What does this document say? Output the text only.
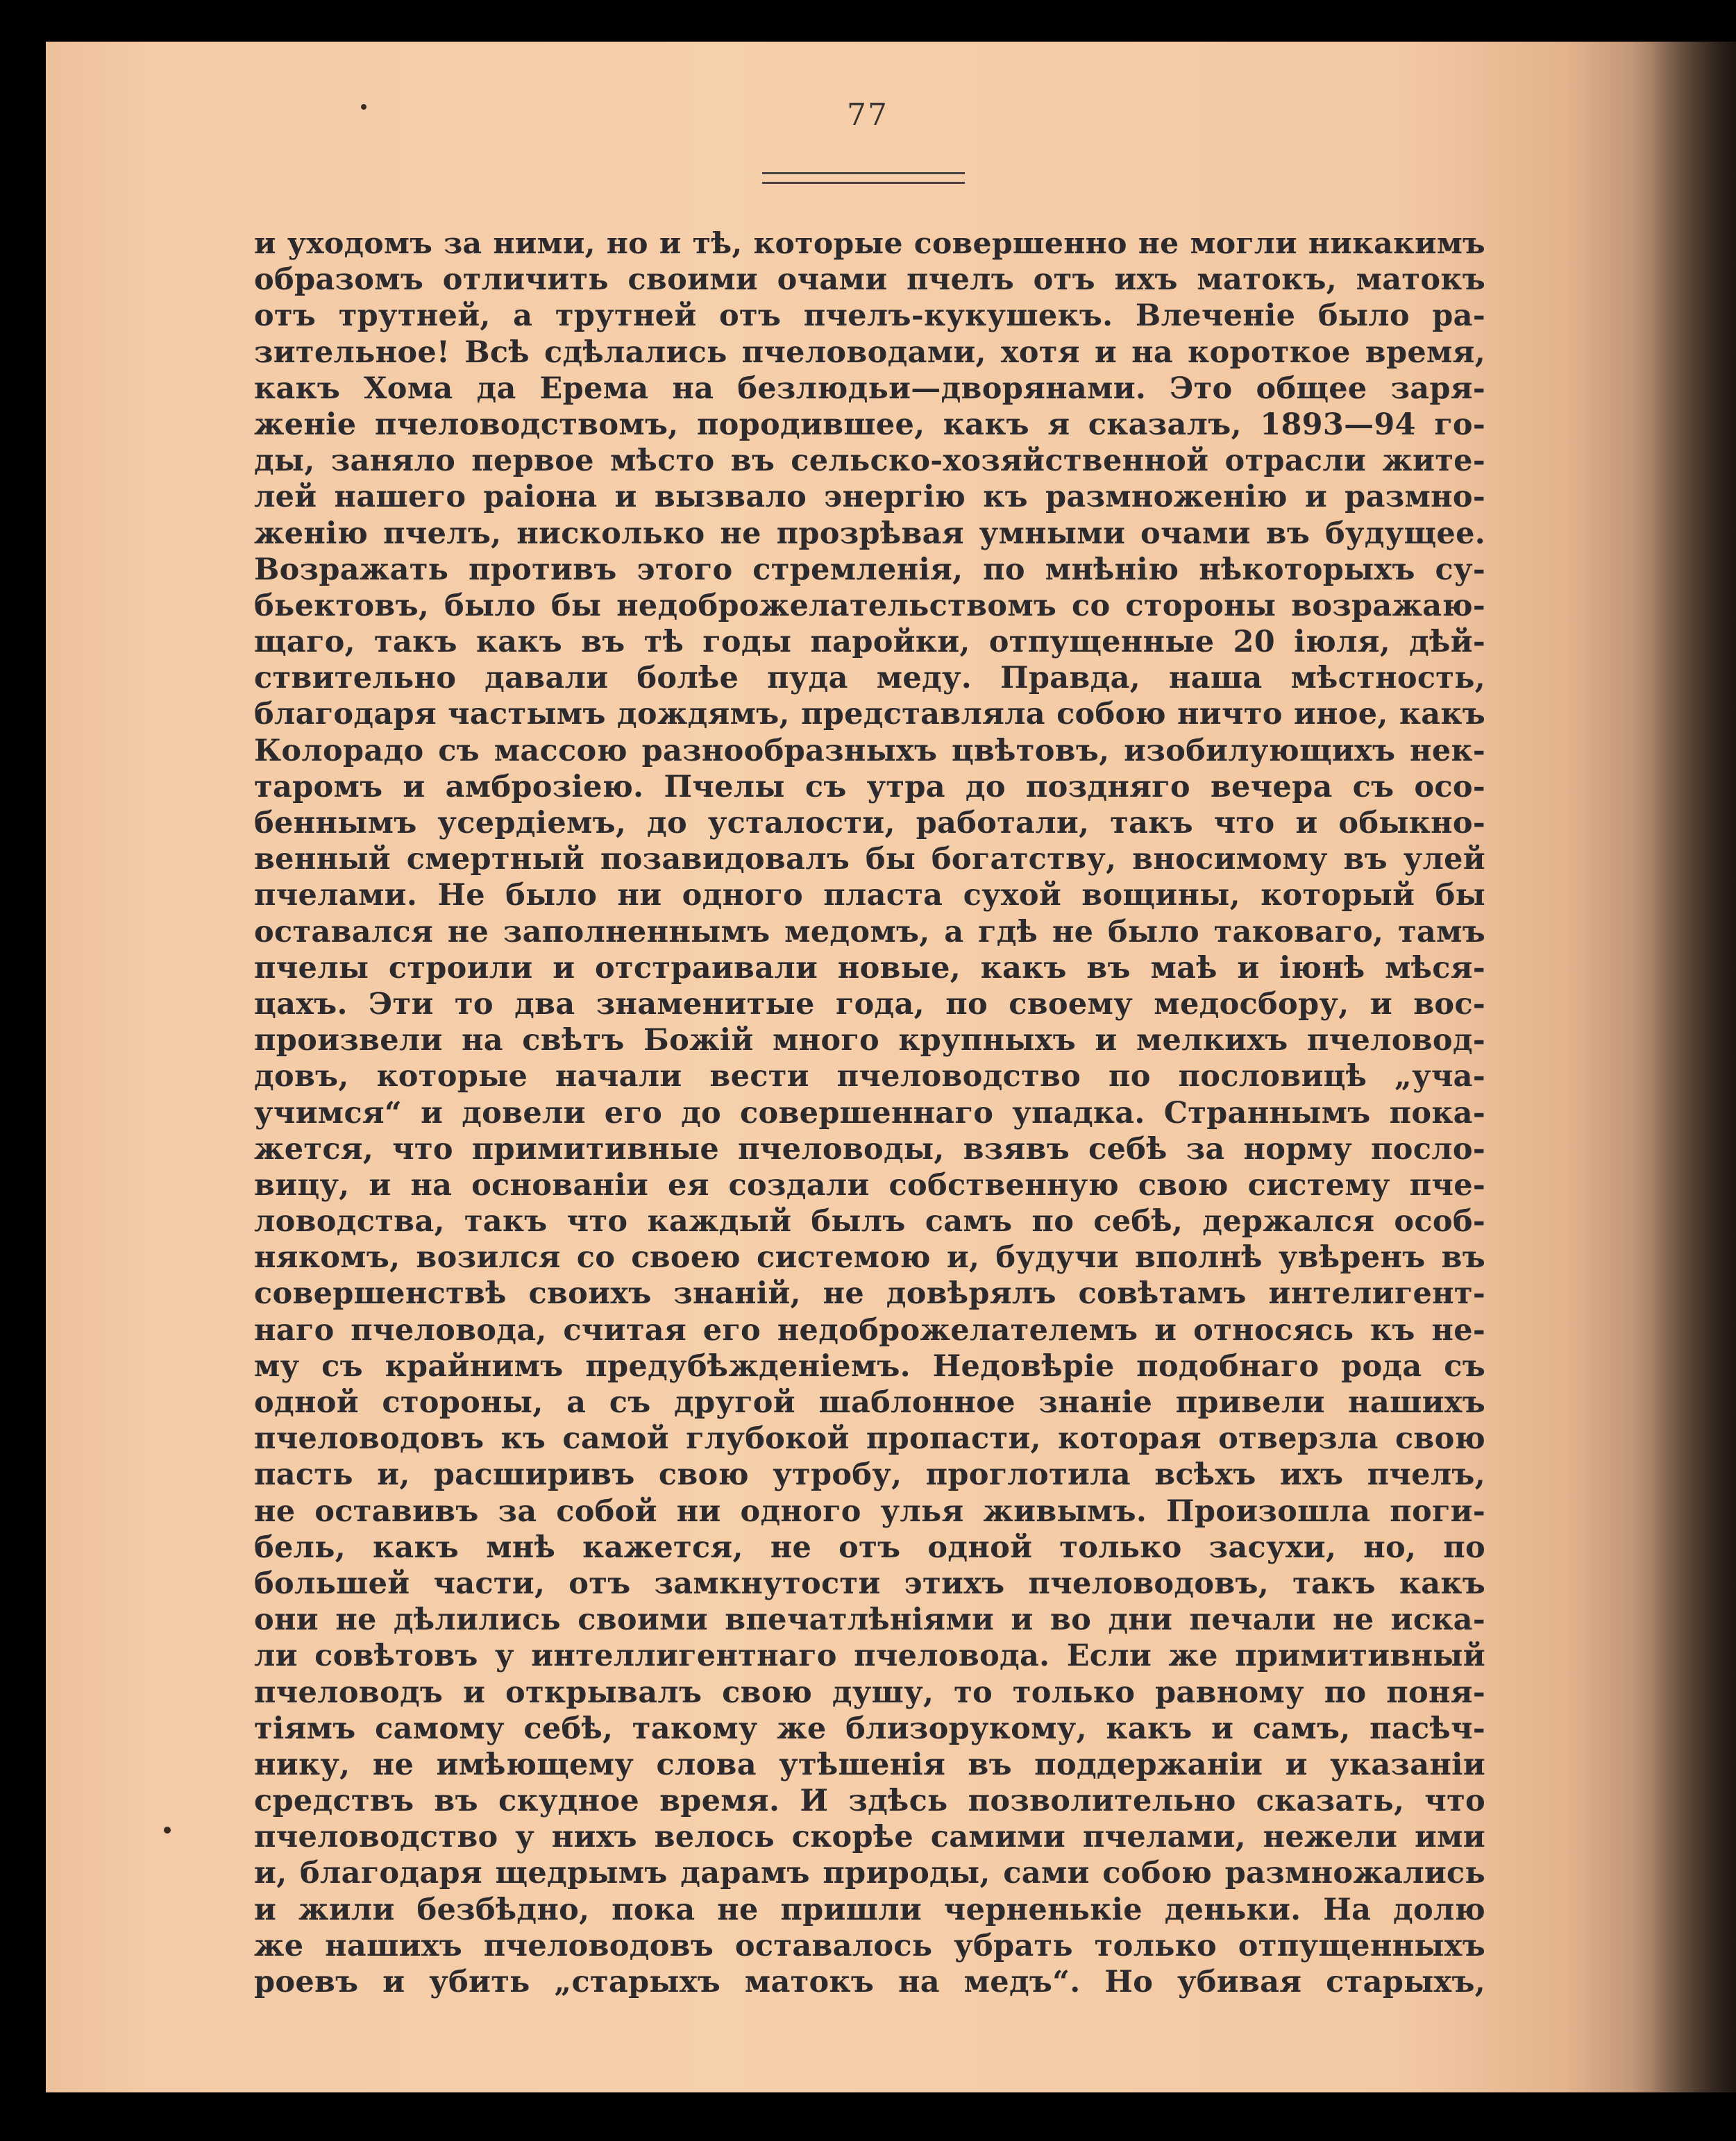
77
и уходомъ за ними, но и тѣ, которые совершенно не могли никакимъ
образомъ отличить своими очами пчелъ отъ ихъ матокъ, матокъ
отъ трутней, а трутней отъ пчелъ-кукушекъ. Влеченіе было ра-
зительное! Всѣ сдѣлались пчеловодами, хотя и на короткое время,
какъ Хома да Ерема на безлюдьи—дворянами. Это общее заря-
женіе пчеловодствомъ, породившее, какъ я сказалъ, 1893—94 го-
ды, заняло первое мѣсто въ сельско-хозяйственной отрасли жите-
лей нашего раіона и вызвало энергію къ размноженію и размно-
женію пчелъ, нисколько не прозрѣвая умными очами въ будущее.
Возражать противъ этого стремленія, по мнѣнію нѣкоторыхъ су-
бьектовъ, было бы недоброжелательствомъ со стороны возражаю-
щаго, такъ какъ въ тѣ годы паройки, отпущенные 20 іюля, дѣй-
ствительно давали болѣе пуда меду. Правда, наша мѣстность,
благодаря частымъ дождямъ, представляла собою ничто иное, какъ
Колорадо съ массою разнообразныхъ цвѣтовъ, изобилующихъ нек-
таромъ и амброзіею. Пчелы съ утра до поздняго вечера съ осо-
беннымъ усердіемъ, до усталости, работали, такъ что и обыкно-
венный смертный позавидовалъ бы богатству, вносимому въ улей
пчелами. Не было ни одного пласта сухой вощины, который бы
оставался не заполненнымъ медомъ, а гдѣ не было таковаго, тамъ
пчелы строили и отстраивали новые, какъ въ маѣ и іюнѣ мѣся-
цахъ. Эти то два знаменитые года, по своему медосбору, и вос-
произвели на свѣтъ Божій много крупныхъ и мелкихъ пчеловод-
довъ, которые начали вести пчеловодство по пословицѣ „уча-
учимся“ и довели его до совершеннаго упадка. Страннымъ пока-
жется, что примитивные пчеловоды, взявъ себѣ за норму посло-
вицу, и на основаніи ея создали собственную свою систему пче-
ловодства, такъ что каждый былъ самъ по себѣ, держался особ-
някомъ, возился со своею системою и, будучи вполнѣ увѣренъ въ
совершенствѣ своихъ знаній, не довѣрялъ совѣтамъ интелигент-
наго пчеловода, считая его недоброжелателемъ и относясь къ не-
му съ крайнимъ предубѣжденіемъ. Недовѣріе подобнаго рода съ
одной стороны, а съ другой шаблонное знаніе привели нашихъ
пчеловодовъ къ самой глубокой пропасти, которая отверзла свою
пасть и, расширивъ свою утробу, проглотила всѣхъ ихъ пчелъ,
не оставивъ за собой ни одного улья живымъ. Произошла поги-
бель, какъ мнѣ кажется, не отъ одной только засухи, но, по
большей части, отъ замкнутости этихъ пчеловодовъ, такъ какъ
они не дѣлились своими впечатлѣніями и во дни печали не иска-
ли совѣтовъ у интеллигентнаго пчеловода. Если же примитивный
пчеловодъ и открывалъ свою душу, то только равному по поня-
тіямъ самому себѣ, такому же близорукому, какъ и самъ, пасѣч-
нику, не имѣющему слова утѣшенія въ поддержаніи и указаніи
средствъ въ скудное время. И здѣсь позволительно сказать, что
пчеловодство у нихъ велось скорѣе самими пчелами, нежели ими
и, благодаря щедрымъ дарамъ природы, сами собою размножались
и жили безбѣдно, пока не пришли черненькіе деньки. На долю
же нашихъ пчеловодовъ оставалось убрать только отпущенныхъ
роевъ и убить „старыхъ матокъ на медъ“. Но убивая старыхъ,
